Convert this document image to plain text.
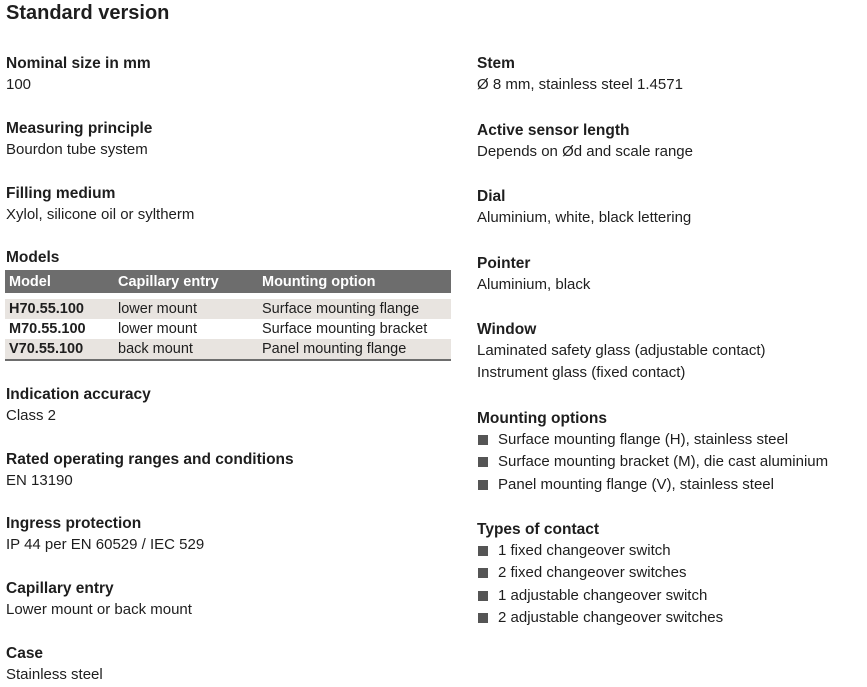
Standard version
Nominal size in mm
100
Measuring principle
Bourdon tube system
Filling medium
Xylol, silicone oil or syltherm
Models
Model	Capillary entry	Mounting option
H70.55.100	lower mount	Surface mounting flange
M70.55.100	lower mount	Surface mounting bracket
V70.55.100	back mount	Panel mounting flange
Indication accuracy
Class 2
Rated operating ranges and conditions
EN 13190
Ingress protection
IP 44 per EN 60529 / IEC 529
Capillary entry
Lower mount or back mount
Case
Stainless steel
Stem
Ø 8 mm, stainless steel 1.4571
Active sensor length
Depends on Ød and scale range
Dial
Aluminium, white, black lettering
Pointer
Aluminium, black
Window
Laminated safety glass (adjustable contact)
Instrument glass (fixed contact)
Mounting options
Surface mounting flange (H), stainless steel
Surface mounting bracket (M), die cast aluminium
Panel mounting flange (V), stainless steel
Types of contact
1 fixed changeover switch
2 fixed changeover switches
1 adjustable changeover switch
2 adjustable changeover switches
